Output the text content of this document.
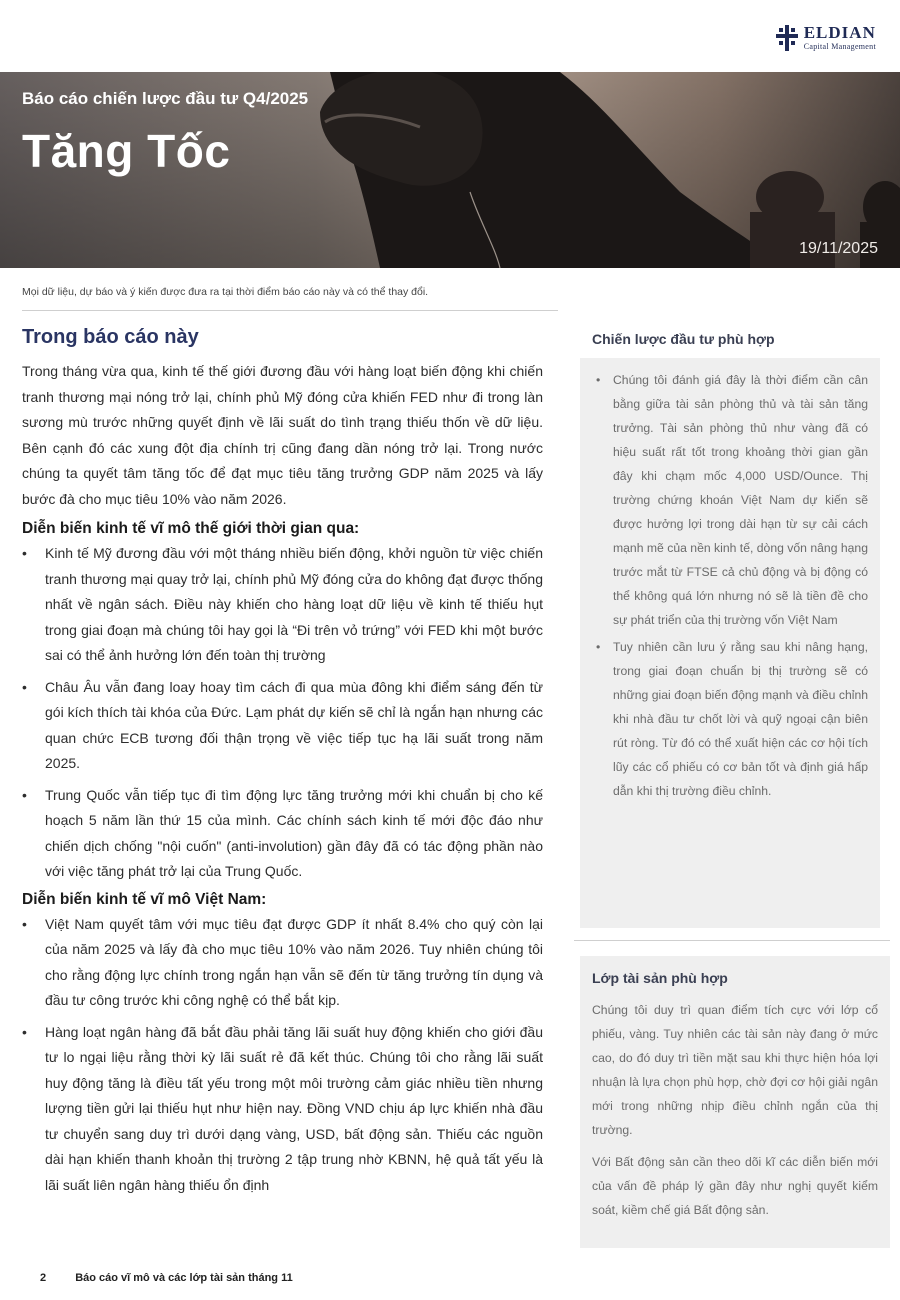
ELDIAN
Capital Management
Báo cáo chiến lược đầu tư Q4/2025
Tăng Tốc
19/11/2025
Mọi dữ liệu, dự báo và ý kiến được đưa ra tại thời điểm báo cáo này và có thể thay đổi.
Trong báo cáo này

Trong tháng vừa qua, kinh tế thế giới đương đầu với hàng loạt biến động khi chiến tranh thương mại nóng trở lại, chính phủ Mỹ đóng cửa khiến FED như đi trong làn sương mù trước những quyết định về lãi suất do tình trạng thiếu thốn về dữ liệu. Bên cạnh đó các xung đột địa chính trị cũng đang dần nóng trở lại. Trong nước chúng ta quyết tâm tăng tốc để đạt mục tiêu tăng trưởng GDP năm 2025 và lấy bước đà cho mục tiêu 10% vào năm 2026.

Diễn biến kinh tế vĩ mô thế giới thời gian qua:
• Kinh tế Mỹ đương đầu với một tháng nhiều biến động, khởi nguồn từ việc chiến tranh thương mại quay trở lại, chính phủ Mỹ đóng cửa do không đạt được thống nhất về ngân sách. Điều này khiến cho hàng loạt dữ liệu về kinh tế thiếu hụt trong giai đoạn mà chúng tôi hay gọi là “Đi trên vỏ trứng” với FED khi một bước sai có thể ảnh hưởng lớn đến toàn thị trường
• Châu Âu vẫn đang loay hoay tìm cách đi qua mùa đông khi điểm sáng đến từ gói kích thích tài khóa của Đức. Lạm phát dự kiến sẽ chỉ là ngắn hạn nhưng các quan chức ECB tương đối thận trọng về việc tiếp tục hạ lãi suất trong năm 2025.
• Trung Quốc vẫn tiếp tục đi tìm động lực tăng trưởng mới khi chuẩn bị cho kế hoạch 5 năm lần thứ 15 của mình. Các chính sách kinh tế mới độc đáo như chiến dịch chống "nội cuốn" (anti-involution) gần đây đã có tác động phần nào với việc tăng phát trở lại của Trung Quốc.
Diễn biến kinh tế vĩ mô Việt Nam:
• Việt Nam quyết tâm với mục tiêu đạt được GDP ít nhất 8.4% cho quý còn lại của năm 2025 và lấy đà cho mục tiêu 10% vào năm 2026. Tuy nhiên chúng tôi cho rằng động lực chính trong ngắn hạn vẫn sẽ đến từ tăng trưởng tín dụng và đầu tư công trước khi công nghệ có thể bắt kịp.
• Hàng loạt ngân hàng đã bắt đầu phải tăng lãi suất huy động khiến cho giới đầu tư lo ngại liệu rằng thời kỳ lãi suất rẻ đã kết thúc. Chúng tôi cho rằng lãi suất huy động tăng là điều tất yếu trong một môi trường cảm giác nhiều tiền nhưng lượng tiền gửi lại thiếu hụt như hiện nay. Đồng VND chịu áp lực khiến nhà đầu tư chuyển sang duy trì dưới dạng vàng, USD, bất động sản. Thiếu các nguồn dài hạn khiến thanh khoản thị trường 2 tập trung nhờ KBNN, hệ quả tất yếu là lãi suất liên ngân hàng thiếu ổn định
Chiến lược đầu tư phù hợp
• Chúng tôi đánh giá đây là thời điểm cần cân bằng giữa tài sản phòng thủ và tài sản tăng trưởng. Tài sản phòng thủ như vàng đã có hiệu suất rất tốt trong khoảng thời gian gần đây khi chạm mốc 4,000 USD/Ounce. Thị trường chứng khoán Việt Nam dự kiến sẽ được hưởng lợi trong dài hạn từ sự cải cách mạnh mẽ của nền kinh tế, dòng vốn nâng hạng trước mắt từ FTSE cả chủ động và bị động có thể không quá lớn nhưng nó sẽ là tiền đề cho sự phát triển của thị trường vốn Việt Nam
• Tuy nhiên cần lưu ý rằng sau khi nâng hạng, trong giai đoạn chuẩn bị thị trường sẽ có những giai đoạn biến động mạnh và điều chỉnh khi nhà đầu tư chốt lời và quỹ ngoại cận biên rút ròng. Từ đó có thể xuất hiện các cơ hội tích lũy các cổ phiếu có cơ bản tốt và định giá hấp dẫn khi thị trường điều chỉnh.
Lớp tài sản phù hợp

Chúng tôi duy trì quan điểm tích cực với lớp cổ phiếu, vàng. Tuy nhiên các tài sản này đang ở mức cao, do đó duy trì tiền mặt sau khi thực hiện hóa lợi nhuận là lựa chọn phù hợp, chờ đợi cơ hội giải ngân mới trong những nhịp điều chỉnh ngắn của thị trường.

Với Bất động sản cần theo dõi kĩ các diễn biến mới của vấn đề pháp lý gần đây như nghị quyết kiểm soát, kiềm chế giá Bất động sản.

2	Báo cáo vĩ mô và các lớp tài sản tháng 11
